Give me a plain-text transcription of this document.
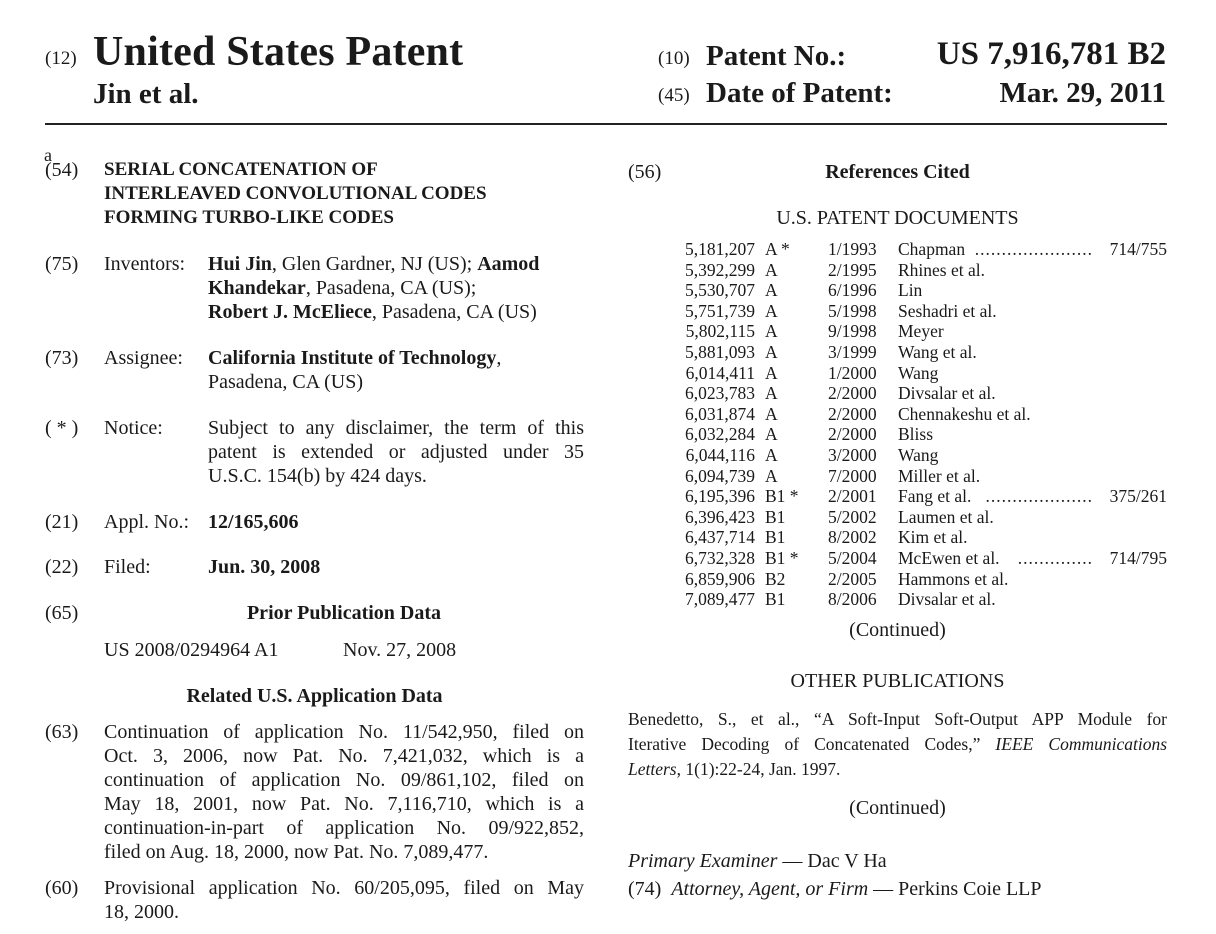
(12) United States Patent
Jin et al.
(10) Patent No.:	US 7,916,781 B2
(45) Date of Patent:	Mar. 29, 2011
a
(54) SERIAL CONCATENATION OF
INTERLEAVED CONVOLUTIONAL CODES
FORMING TURBO-LIKE CODES
(75) Inventors: Hui Jin, Glen Gardner, NJ (US); Aamod
Khandekar, Pasadena, CA (US);
Robert J. McEliece, Pasadena, CA (US)
(73) Assignee: California Institute of Technology,
Pasadena, CA (US)
( * ) Notice: Subject to any disclaimer, the term of this
patent is extended or adjusted under 35
U.S.C. 154(b) by 424 days.
(21) Appl. No.: 12/165,606
(22) Filed:	Jun. 30, 2008
(65)	Prior Publication Data
US 2008/0294964 A1	Nov. 27, 2008
Related U.S. Application Data
(63) Continuation of application No. 11/542,950, filed on
Oct. 3, 2006, now Pat. No. 7,421,032, which is a
continuation of application No. 09/861,102, filed on
May 18, 2001, now Pat. No. 7,116,710, which is a
continuation-in-part of application No. 09/922,852,
filed on Aug. 18, 2000, now Pat. No. 7,089,477.
(60) Provisional application No. 60/205,095, filed on May
18, 2000.
(56)	References Cited
U.S. PATENT DOCUMENTS
5,181,207 A * 1/1993 Chapman	714/755
......................
5,392,299 A	2/1995 Rhines et al.
5,530,707 A	6/1996 Lin
5,751,739 A	5/1998 Seshadri et al.
5,802,115 A	9/1998 Meyer
5,881,093 A	3/1999 Wang et al.
6,014,411 A	1/2000 Wang
6,023,783 A	2/2000 Divsalar et al.
6,031,874 A	2/2000 Chennakeshu et al.
6,032,284 A	2/2000 Bliss
6,044,116 A	3/2000 Wang
6,094,739 A	7/2000 Miller et al.
6,195,396 B1 * 2/2001 Fang et al.	375/261
....................
6,396,423 B1 5/2002 Laumen et al.
6,437,714 B1 8/2002 Kim et al.
6,732,328 B1 * 5/2004 McEwen et al.	714/795
..............
6,859,906 B2 2/2005 Hammons et al.
7,089,477 B1 8/2006 Divsalar et al.
(Continued)
OTHER PUBLICATIONS
Benedetto, S., et al., “A Soft-Input Soft-Output APP Module for
Iterative Decoding of Concatenated Codes,” IEEE Communications
Letters, 1(1):22-24, Jan. 1997.
(Continued)
Primary Examiner — Dac V Ha
(74) Attorney, Agent, or Firm — Perkins Coie LLP
